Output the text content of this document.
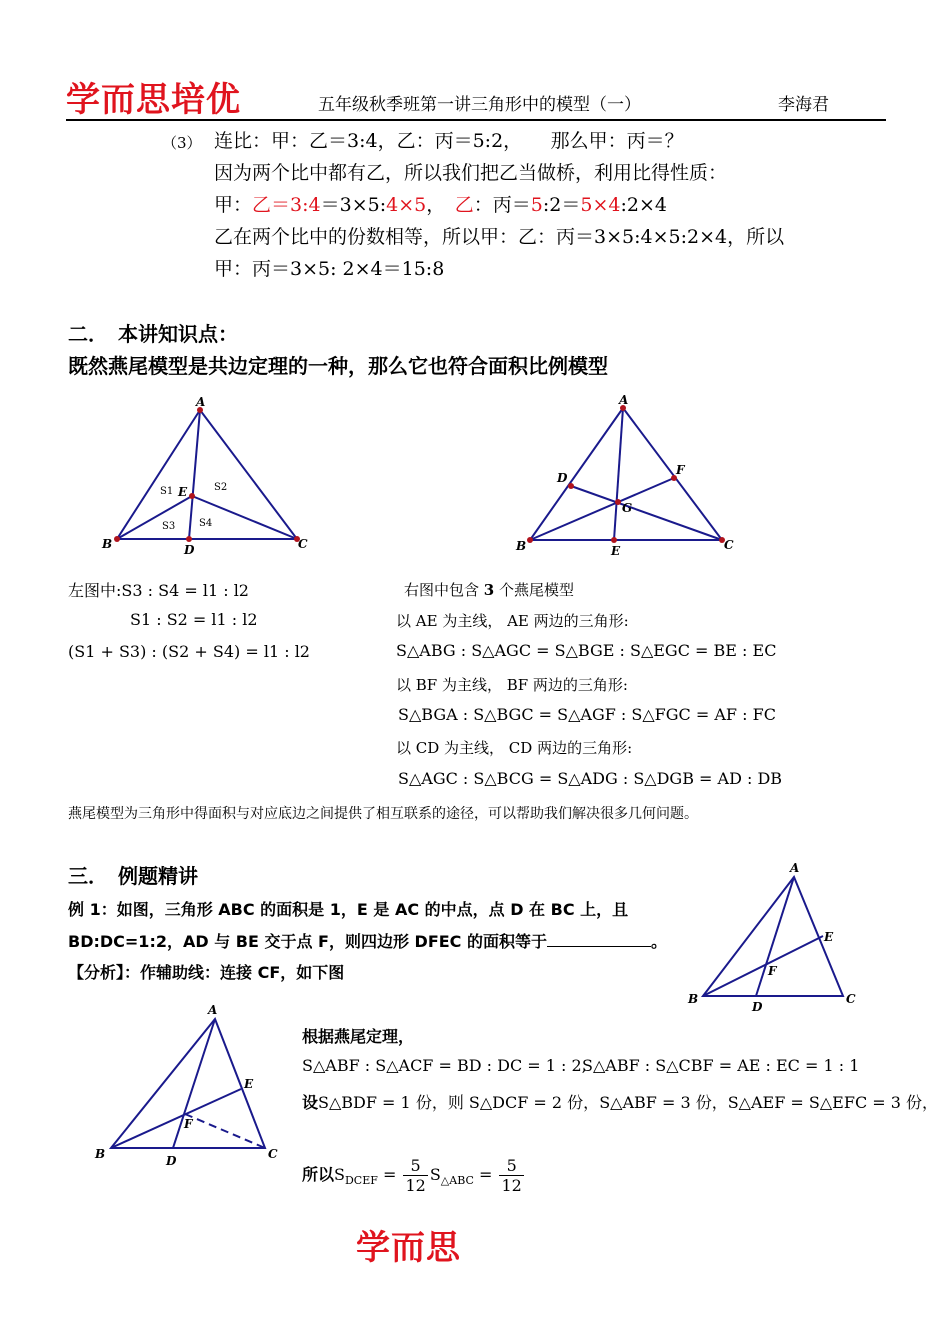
学而思培优	五年级秋季班第一讲三角形中的模型（一）	李海君
（3） 连比：甲：乙＝3:4，乙：丙＝5:2，　　那么甲：丙＝？
因为两个比中都有乙，所以我们把乙当做桥，利用比得性质：
甲：乙＝3:4＝3×5:4×5，　乙：丙＝5:2＝5×4:2×4
乙在两个比中的份数相等，所以甲：乙：丙＝3×5:4×5:2×4，所以
甲：丙＝3×5: 2×4＝15:8
二．　本讲知识点：
既然燕尾模型是共边定理的一种，那么它也符合面积比例模型
A
B	C
D
E
S1	S2
S3 S4
A
B	C
E
F
D
G
左图中:S3 : S4 = l1 : l2
S1 : S2 = l1 : l2
(S1 + S3) : (S2 + S4) = l1 : l2
右图中包含 3 个燕尾模型
以 AE 为主线， AE 两边的三角形:
S△ABG : S△AGC = S△BGE : S△EGC = BE : EC
以 BF 为主线， BF 两边的三角形:
S△BGA : S△BGC = S△AGF : S△FGC = AF : FC
以 CD 为主线， CD 两边的三角形:
S△AGC : S△BCG = S△ADG : S△DGB = AD : DB
燕尾模型为三角形中得面积与对应底边之间提供了相互联系的途径，可以帮助我们解决很多几何问题。
三．　例题精讲
例 1：如图，三角形 ABC 的面积是 1，E 是 AC 的中点，点 D 在 BC 上，且
BD:DC=1:2，AD 与 BE 交于点 F，则四边形 DFEC 的面积等于	。
【分析】：作辅助线：连接 CF，如下图
A
B	C
D
E
F
A
B	C
D
E
F
根据燕尾定理，
S△ABF : S△ACF = BD : DC = 1 : 2,
S△ABF : S△CBF = AE : EC = 1 : 1
设S△BDF = 1 份，则 S△DCF = 2 份，S△ABF = 3 份，S△AEF = S△EFC = 3 份，
所以$S_{DCEF} = \frac{5}{12} S_{\triangle ABC} = \frac{5}{12}$
学而思
